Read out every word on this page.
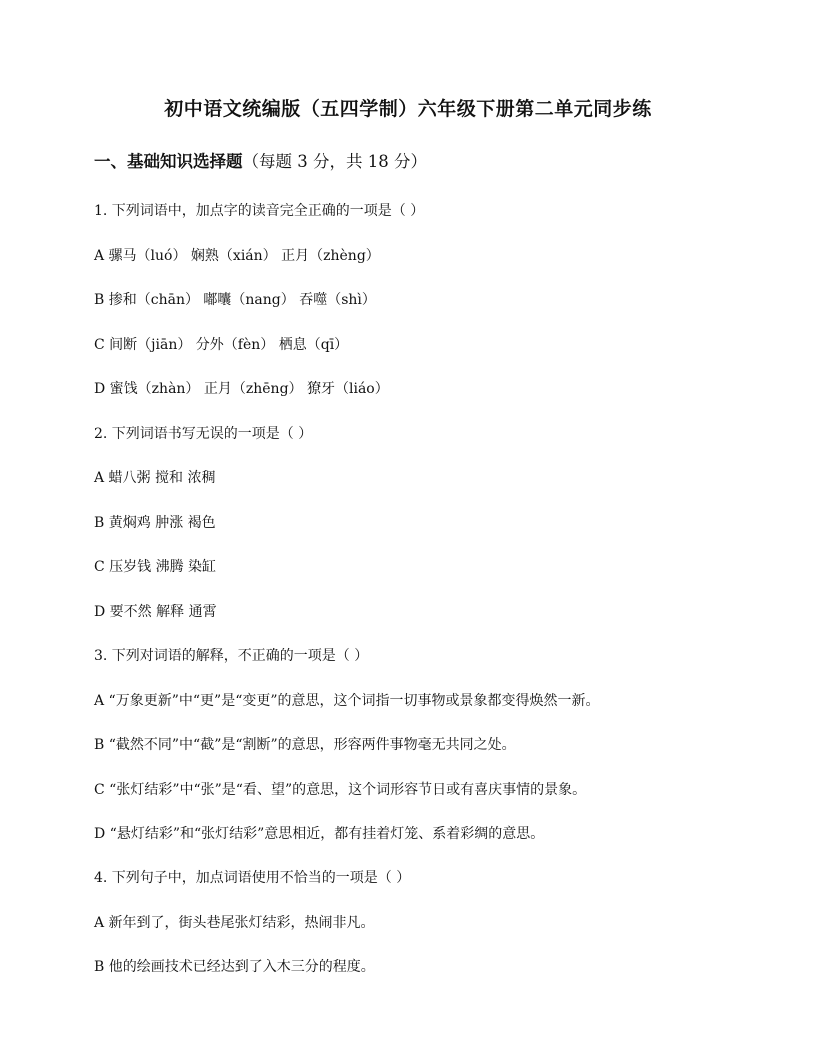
初中语文统编版（五四学制）六年级下册第二单元同步练
一、基础知识选择题（每题 3 分，共 18 分）
1. 下列词语中，加点字的读音完全正确的一项是（ ）
A 骡马（luó） 娴熟（xián） 正月（zhèng）
B 掺和（chān） 嘟囔（nang） 吞噬（shì）
C 间断（jiān） 分外（fèn） 栖息（qī）
D 蜜饯（zhàn） 正月（zhēng） 獠牙（liáo）
2. 下列词语书写无误的一项是（ ）
A 蜡八粥 搅和 浓稠
B 黄焖鸡 肿涨 褐色
C 压岁钱 沸腾 染缸
D 要不然 解释 通霄
3. 下列对词语的解释，不正确的一项是（ ）
A “万象更新”中“更”是“变更”的意思，这个词指一切事物或景象都变得焕然一新。
B “截然不同”中“截”是“割断”的意思，形容两件事物毫无共同之处。
C “张灯结彩”中“张”是“看、望”的意思，这个词形容节日或有喜庆事情的景象。
D “悬灯结彩”和“张灯结彩”意思相近，都有挂着灯笼、系着彩绸的意思。
4. 下列句子中，加点词语使用不恰当的一项是（ ）
A 新年到了，街头巷尾张灯结彩，热闹非凡。
B 他的绘画技术已经达到了入木三分的程度。
